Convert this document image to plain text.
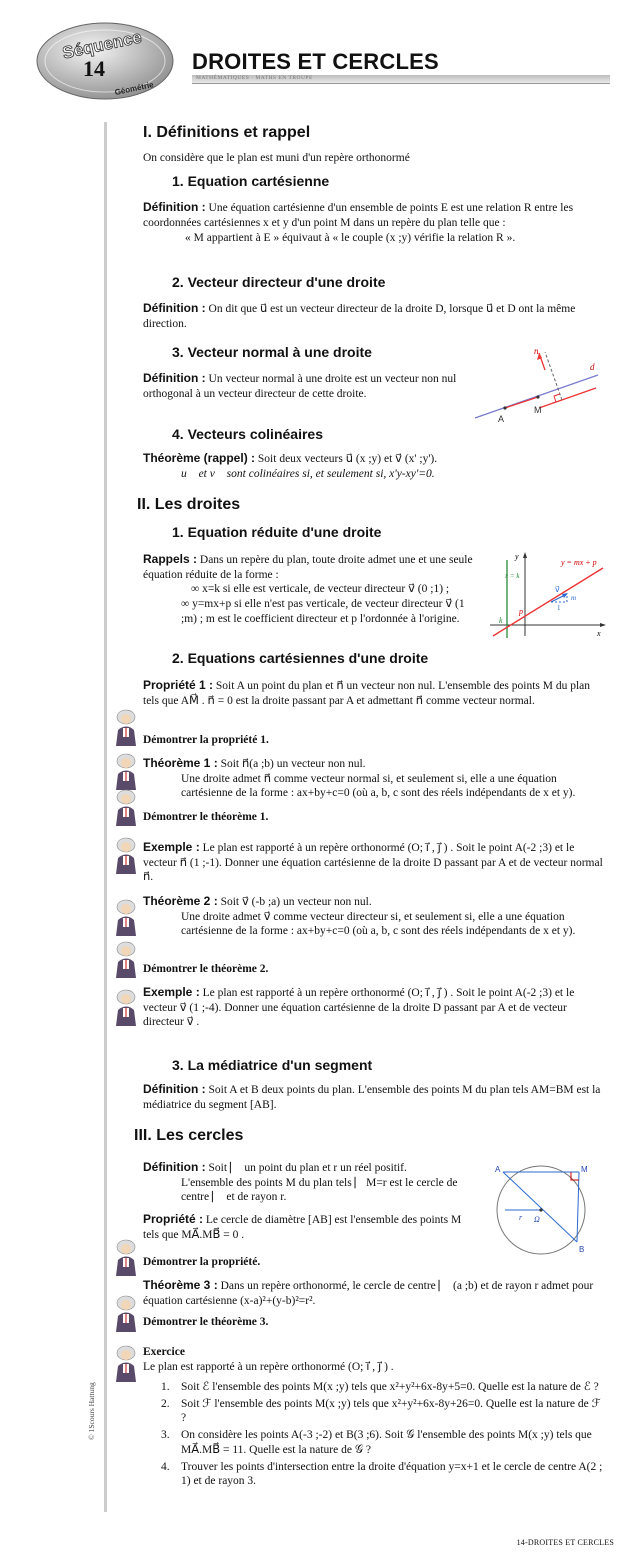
Séquence
14
Géométrie
DROITES ET CERCLES
MATHÉMATIQUES · MATHS EN TROUPE
© 1Scours Hattung
I. Définitions et rappel
On considère que le plan est muni d'un repère orthonormé
1. Equation cartésienne
Définition : Une équation cartésienne d'un ensemble de points E est une relation R entre les coordonnées cartésiennes x et y d'un point M dans un repère du plan telle que :
« M appartient à E » équivaut à « le couple (x ;y) vérifie la relation R ».
2. Vecteur directeur d'une droite
Définition : On dit que u⃗ est un vecteur directeur de la droite D, lorsque u⃗ et D ont la même direction.
3. Vecteur normal à une droite
Définition : Un vecteur normal à une droite est un vecteur non nul orthogonal à un vecteur directeur de cette droite.
n⃗
d
A
M
4. Vecteurs colinéaires
Théorème (rappel) : Soit deux vecteurs u⃗ (x ;y) et v⃗ (x' ;y').
u⃗ et v⃗ sont colinéaires si, et seulement si, x'y-xy'=0.
II. Les droites
1. Equation réduite d'une droite
Rappels : Dans un repère du plan, toute droite admet une et une seule équation réduite de la forme :
∞ x=k si elle est verticale, de vecteur directeur v⃗ (0 ;1) ;
∞ y=mx+p si elle n'est pas verticale, de vecteur directeur v⃗ (1 ;m) ; m est le coefficient directeur et p l'ordonnée à l'origine.
y
x
x = k
y = mx + p
v⃗
m
1
p
k
2. Equations cartésiennes d'une droite
Propriété 1 : Soit A un point du plan et n⃗ un vecteur non nul. L'ensemble des points M du plan tels que AM⃗ . n⃗ = 0 est la droite passant par A et admettant n⃗ comme vecteur normal.
Démontrer la propriété 1.
Théorème 1 : Soit n⃗(a ;b) un vecteur non nul.
Une droite admet n⃗ comme vecteur normal si, et seulement si, elle a une équation cartésienne de la forme : ax+by+c=0 (où a, b, c sont des réels indépendants de x et y).
Démontrer le théorème 1.
Exemple : Le plan est rapporté à un repère orthonormé (O; i⃗ , j⃗ ) . Soit le point A(-2 ;3) et le vecteur n⃗ (1 ;-1). Donner une équation cartésienne de la droite D passant par A et de vecteur normal n⃗.
Théorème 2 : Soit v⃗ (-b ;a) un vecteur non nul.
Une droite admet v⃗ comme vecteur directeur si, et seulement si, elle a une équation cartésienne de la forme : ax+by+c=0 (où a, b, c sont des réels indépendants de x et y).
Démontrer le théorème 2.
Exemple : Le plan est rapporté à un repère orthonormé (O; i⃗ , j⃗ ) . Soit le point A(-2 ;3) et le vecteur v⃗ (1 ;-4). Donner une équation cartésienne de la droite D passant par A et de vecteur directeur v⃗ .
3. La médiatrice d'un segment
Définition : Soit A et B deux points du plan. L'ensemble des points M du plan tels AM=BM est la médiatrice du segment [AB].
III. Les cercles
Définition : Soit ⎸ un point du plan et r un réel positif.
L'ensemble des points M du plan tels ⎸M=r est le cercle de centre ⎸ et de rayon r.
A	M
B
r Ω
Propriété : Le cercle de diamètre [AB] est l'ensemble des points M tels que MA⃗.MB⃗ = 0 .
Démontrer la propriété.
Théorème 3 : Dans un repère orthonormé, le cercle de centre ⎸ (a ;b) et de rayon r admet pour équation cartésienne (x-a)²+(y-b)²=r².
Démontrer le théorème 3.
Exercice
Le plan est rapporté à un repère orthonormé (O; i⃗ , j⃗ ) .
1. Soit ℰ l'ensemble des points M(x ;y) tels que x²+y²+6x-8y+5=0. Quelle est la nature de ℰ ?
2. Soit ℱ l'ensemble des points M(x ;y) tels que x²+y²+6x-8y+26=0. Quelle est la nature de ℱ ?
3. On considère les points A(-3 ;-2) et B(3 ;6). Soit 𝒢 l'ensemble des points M(x ;y) tels que MA⃗.MB⃗ = 11. Quelle est la nature de 𝒢 ?
4. Trouver les points d'intersection entre la droite d'équation y=x+1 et le cercle de centre A(2 ; 1) et de rayon 3.
14-DROITES ET CERCLES
